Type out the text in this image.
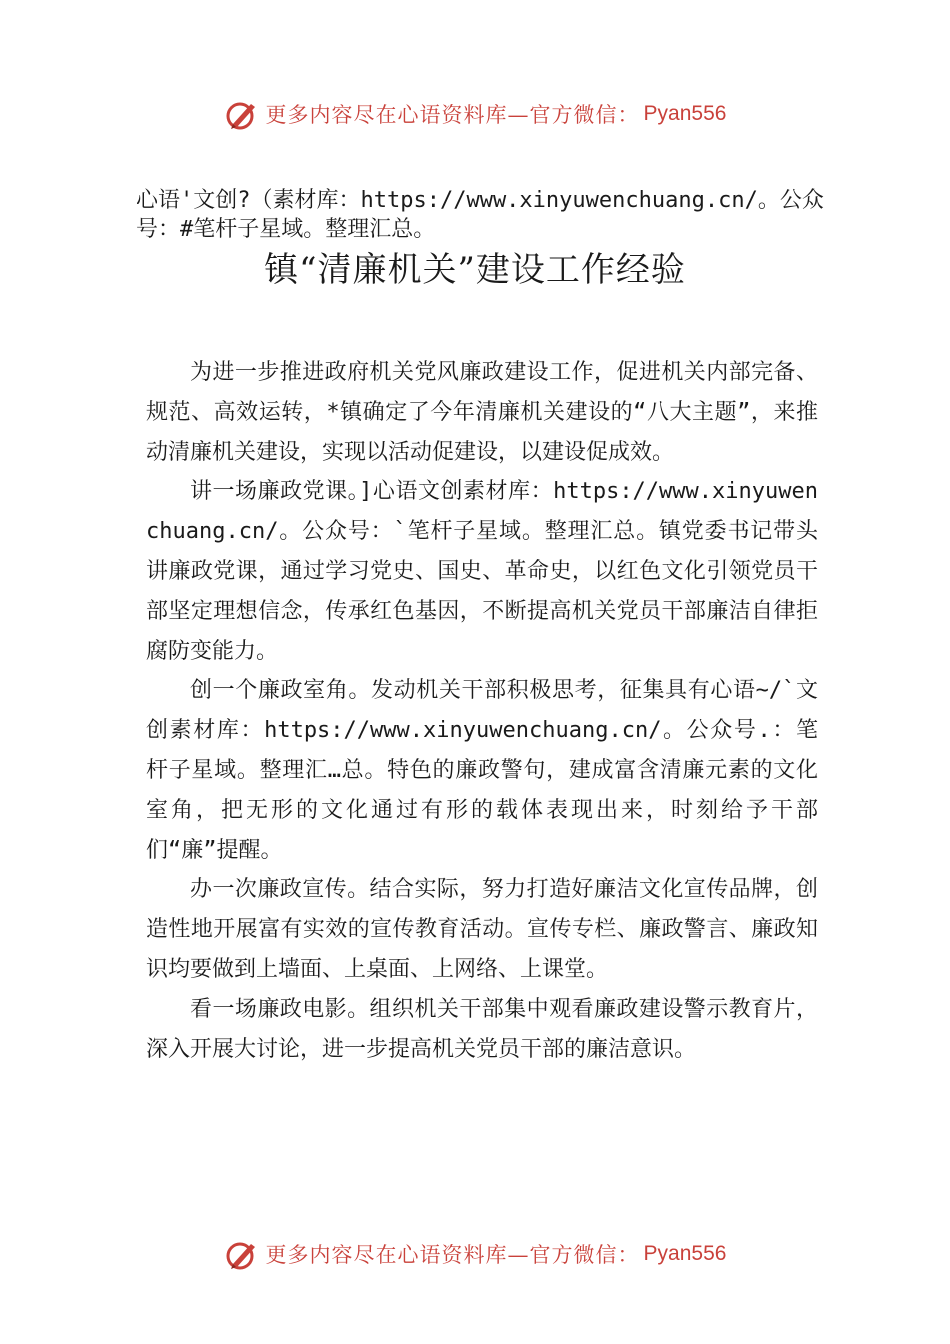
更多内容尽在心语资料库—官方微信： Pyan556
心语'文创?（素材库：https://www.xinyuwenchuang.cn/。公众号：#笔杆子星域。整理汇总。
镇“清廉机关”建设工作经验

为进一步推进政府机关党风廉政建设工作，促进机关内部完备、规范、高效运转，*镇确定了今年清廉机关建设的“八大主题”，来推动清廉机关建设，实现以活动促建设，以建设促成效。

讲一场廉政党课。]心语文创素材库：https://www.xinyuwenchuang.cn/。公众号：`笔杆子星域。整理汇总。镇党委书记带头讲廉政党课，通过学习党史、国史、革命史，以红色文化引领党员干部坚定理想信念，传承红色基因，不断提高机关党员干部廉洁自律拒腐防变能力。

创一个廉政室角。发动机关干部积极思考，征集具有心语~/`文创素材库：https://www.xinyuwenchuang.cn/。公众号.：笔杆子星域。整理汇…总。特色的廉政警句，建成富含清廉元素的文化室角，把无形的文化通过有形的载体表现出来，时刻给予干部们“廉”提醒。

办一次廉政宣传。结合实际，努力打造好廉洁文化宣传品牌，创造性地开展富有实效的宣传教育活动。宣传专栏、廉政警言、廉政知识均要做到上墙面、上桌面、上网络、上课堂。

看一场廉政电影。组织机关干部集中观看廉政建设警示教育片，深入开展大讨论，进一步提高机关党员干部的廉洁意识。

更多内容尽在心语资料库—官方微信： Pyan556
